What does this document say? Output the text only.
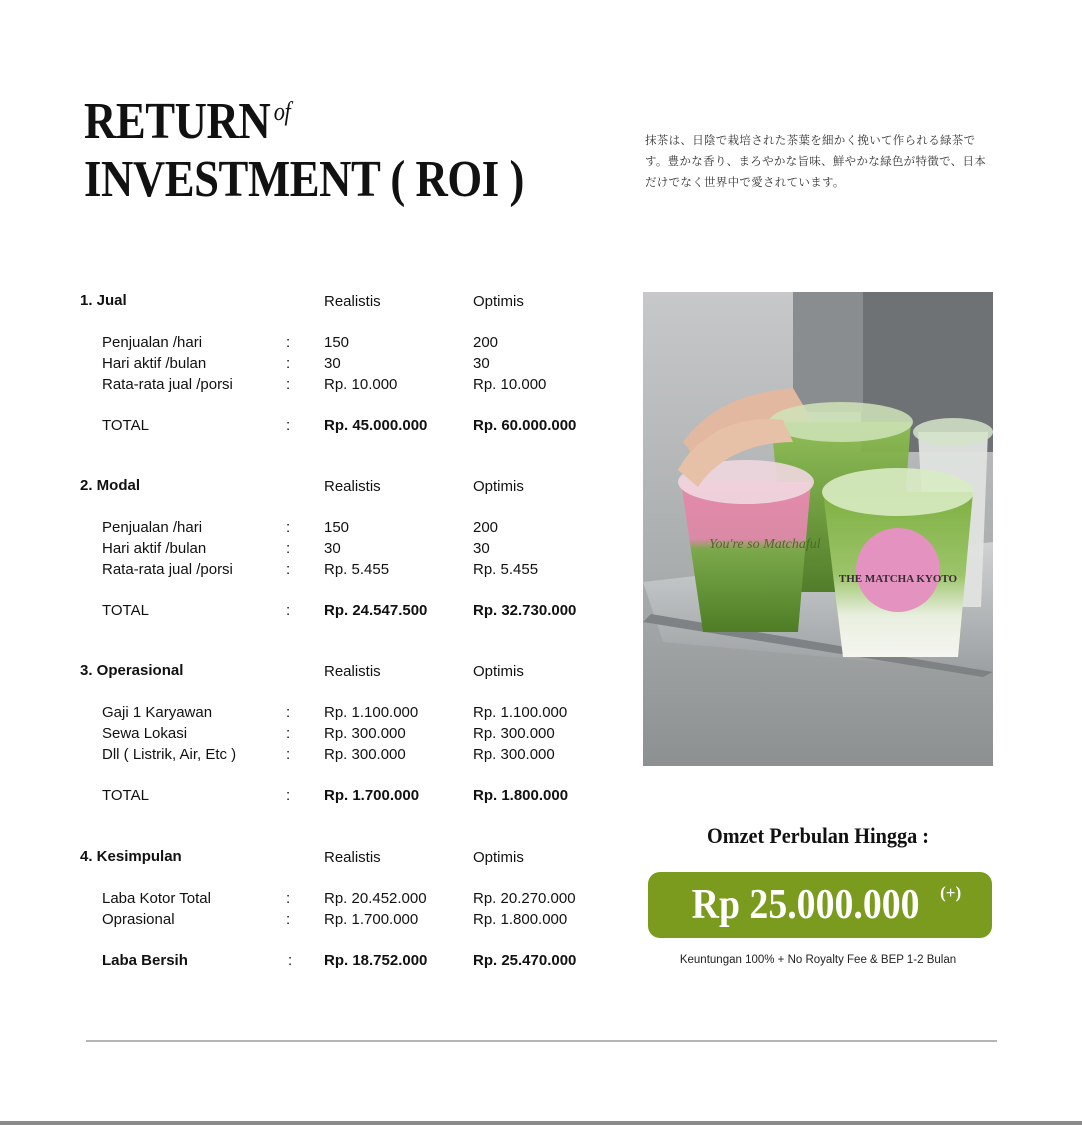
RETURN $^{of}$
INVESTMENT ( ROI )
抹茶は、日陰で栽培された茶葉を細かく挽いて作られる緑茶です。豊かな香り、まろやかな旨味、鮮やかな緑色が特徴で、日本だけでなく世界中で愛されています。
1. Jual	Realistis	Optimis
Penjualan /hari	: 150	200
Hari aktif /bulan	: 30	30
Rata-rata jual /porsi	: Rp. 10.000	Rp. 10.000
TOTAL	: Rp. 45.000.000	Rp. 60.000.000
2. Modal	Realistis	Optimis
Penjualan /hari	: 150	200
Hari aktif /bulan	: 30	30
Rata-rata jual /porsi	: Rp. 5.455	Rp. 5.455
TOTAL	: Rp. 24.547.500	Rp. 32.730.000
3. Operasional	Realistis	Optimis
Gaji 1 Karyawan	: Rp. 1.100.000	Rp. 1.100.000
Sewa Lokasi	: Rp. 300.000	Rp. 300.000
Dll ( Listrik, Air, Etc )	: Rp. 300.000	Rp. 300.000
TOTAL	: Rp. 1.700.000	Rp. 1.800.000
4. Kesimpulan	Realistis	Optimis
Laba Kotor Total	: Rp. 20.452.000	Rp. 20.270.000
Oprasional	: Rp. 1.700.000	Rp. 1.800.000
Laba Bersih	: Rp. 18.752.000	Rp. 25.470.000
You're so Matchaful
THE MATCHA KYOTO
Omzet Perbulan Hingga :
Rp 25.000.000 (+)
Keuntungan 100% + No Royalty Fee & BEP 1-2 Bulan
